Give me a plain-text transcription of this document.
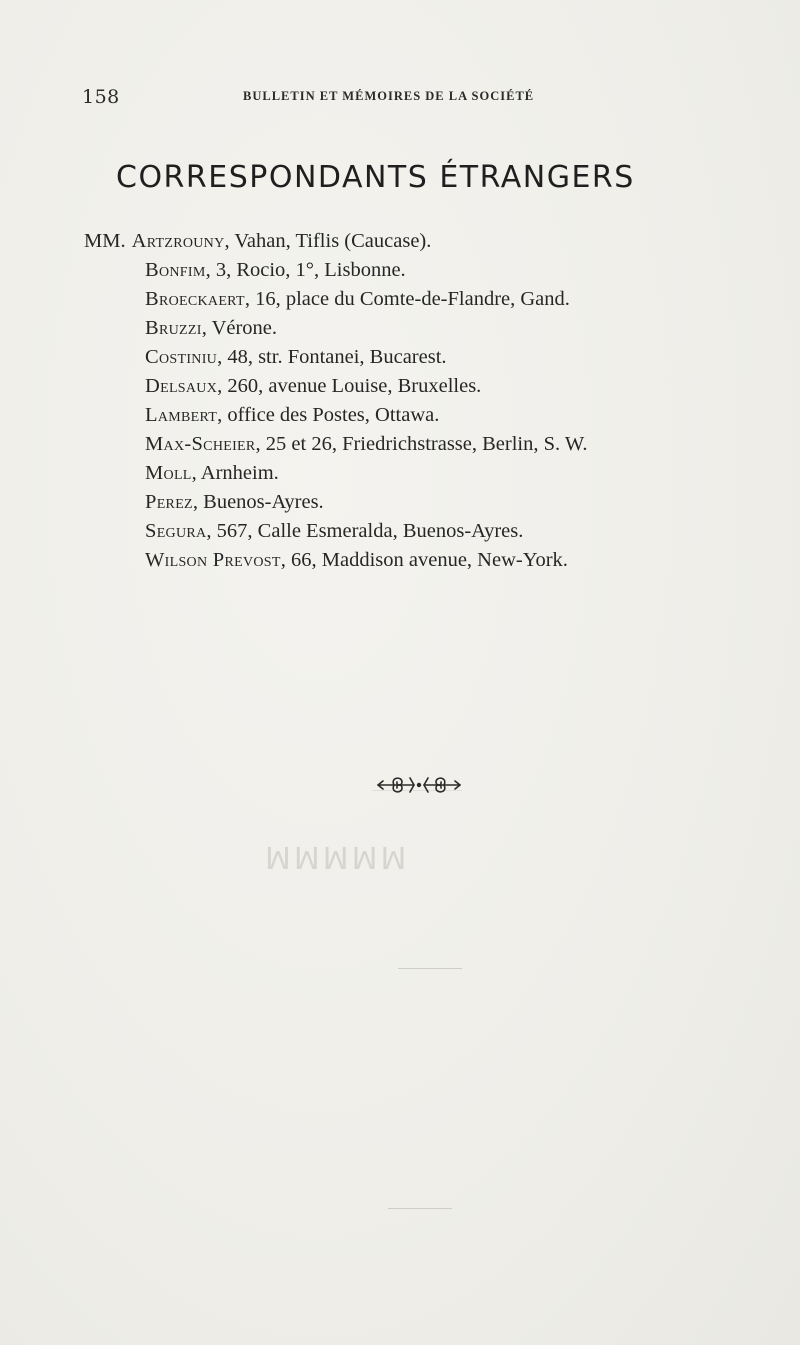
ꟽꟽꟽꟽꟽ
158	BULLETIN ET MÉMOIRES DE LA SOCIÉTÉ
CORRESPONDANTS ÉTRANGERS
MM. Artzrouny, Vahan, Tiflis (Caucase).
Bonfim, 3, Rocio, 1°, Lisbonne.
Broeckaert, 16, place du Comte-de-Flandre, Gand.
Bruzzi, Vérone.
Costiniu, 48, str. Fontanei, Bucarest.
Delsaux, 260, avenue Louise, Bruxelles.
Lambert, office des Postes, Ottawa.
Max-Scheier, 25 et 26, Friedrichstrasse, Berlin, S. W.
Moll, Arnheim.
Perez, Buenos-Ayres.
Segura, 567, Calle Esmeralda, Buenos-Ayres.
Wilson Prevost, 66, Maddison avenue, New-York.
